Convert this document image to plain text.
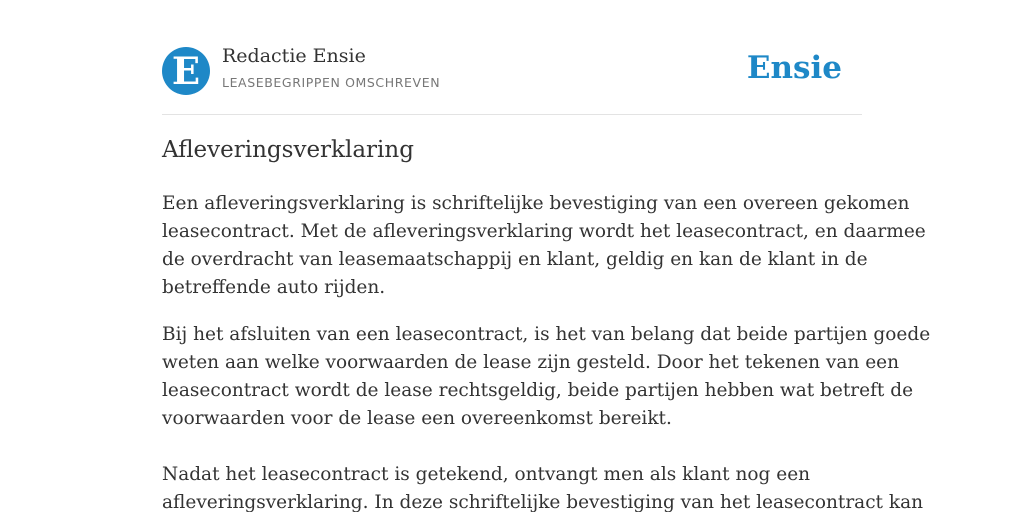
E	Redactie Ensie
LEASEBEGRIPPEN OMSCHREVEN	Ensie
Afleveringsverklaring

Een afleveringsverklaring is schriftelijke bevestiging van een overeen gekomen
leasecontract. Met de afleveringsverklaring wordt het leasecontract, en daarmee
de overdracht van leasemaatschappij en klant, geldig en kan de klant in de
betreffende auto rijden.

Bij het afsluiten van een leasecontract, is het van belang dat beide partijen goede
weten aan welke voorwaarden de lease zijn gesteld. Door het tekenen van een
leasecontract wordt de lease rechtsgeldig, beide partijen hebben wat betreft de
voorwaarden voor de lease een overeenkomst bereikt.

Nadat het leasecontract is getekend, ontvangt men als klant nog een
afleveringsverklaring. In deze schriftelijke bevestiging van het leasecontract kan
